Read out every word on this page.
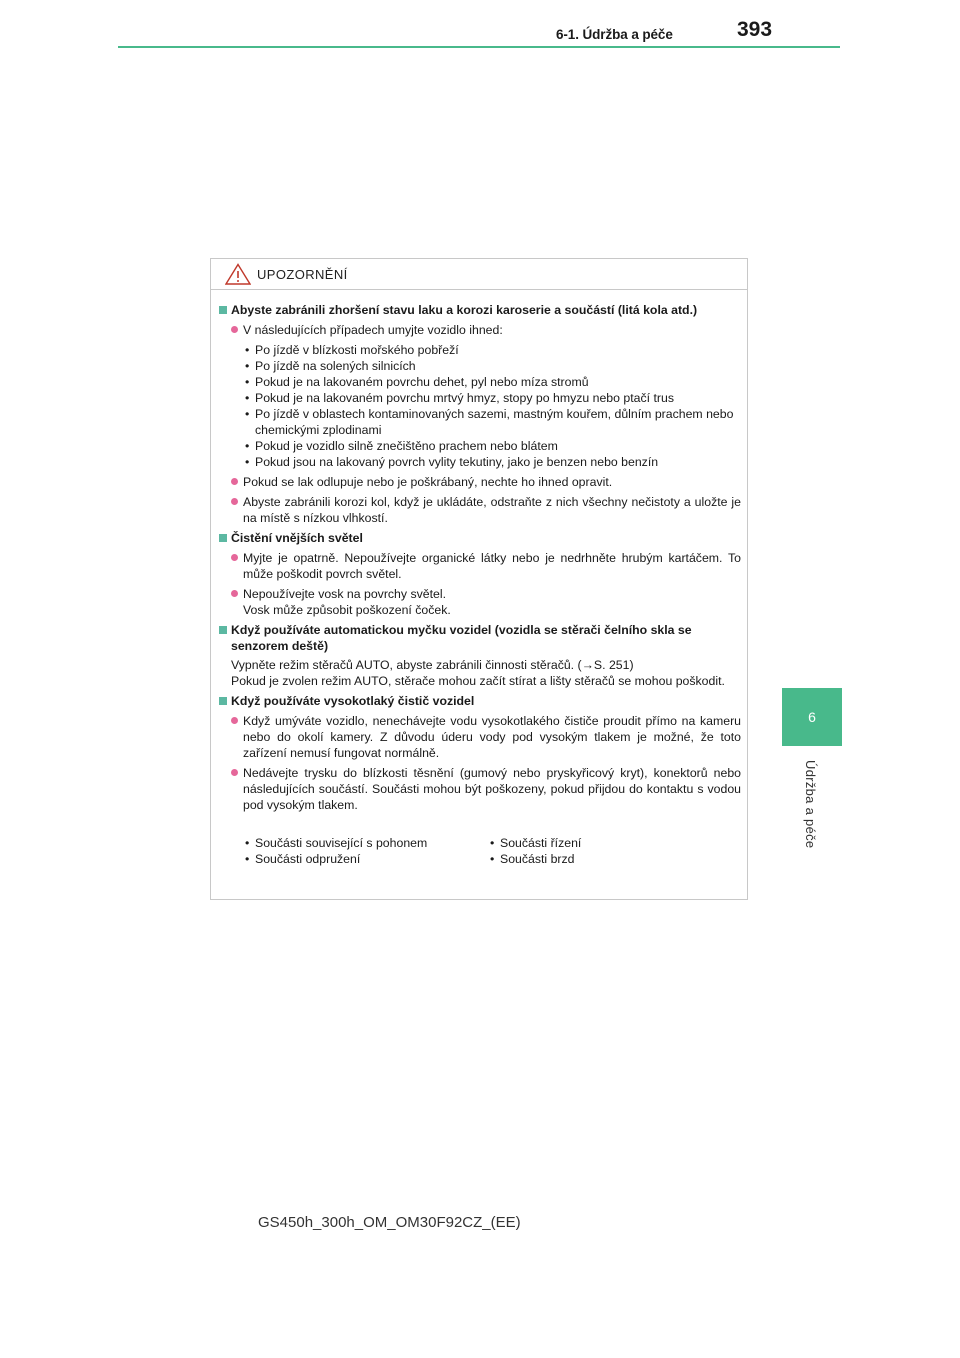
6-1. Údržba a péče	393
6
Údržba a péče
UPOZORNĚNÍ
Abyste zabránili zhoršení stavu laku a korozi karoserie a součástí (litá kola atd.)
V následujících případech umyjte vozidlo ihned:
• Po jízdě v blízkosti mořského pobřeží
• Po jízdě na solených silnicích
• Pokud je na lakovaném povrchu dehet, pyl nebo míza stromů
• Pokud je na lakovaném povrchu mrtvý hmyz, stopy po hmyzu nebo ptačí trus
• Po jízdě v oblastech kontaminovaných sazemi, mastným kouřem, důlním prachem nebo chemickými zplodinami
• Pokud je vozidlo silně znečištěno prachem nebo blátem
• Pokud jsou na lakovaný povrch vylity tekutiny, jako je benzen nebo benzín
Pokud se lak odlupuje nebo je poškrábaný, nechte ho ihned opravit.
Abyste zabránili korozi kol, když je ukládáte, odstraňte z nich všechny nečistoty a uložte je na místě s nízkou vlhkostí.
Čistění vnějších světel
Myjte je opatrně. Nepoužívejte organické látky nebo je nedrhněte hrubým kartáčem. To může poškodit povrch světel.
Nepoužívejte vosk na povrchy světel.
Vosk může způsobit poškození čoček.
Když používáte automatickou myčku vozidel (vozidla se stěrači čelního skla se senzorem deště)
Vypněte režim stěračů AUTO, abyste zabránili činnosti stěračů. (→S. 251)
Pokud je zvolen režim AUTO, stěrače mohou začít stírat a lišty stěračů se mohou poškodit.
Když používáte vysokotlaký čistič vozidel
Když umýváte vozidlo, nenechávejte vodu vysokotlakého čističe proudit přímo na kameru nebo do okolí kamery. Z důvodu úderu vody pod vysokým tlakem je možné, že toto zařízení nemusí fungovat normálně.
Nedávejte trysku do blízkosti těsnění (gumový nebo pryskyřicový kryt), konektorů nebo následujících součástí. Součásti mohou být poškozeny, pokud přijdou do kontaktu s vodou pod vysokým tlakem.
• Součásti související s pohonem
• Součásti odpružení
• Součásti řízení
• Součásti brzd
GS450h_300h_OM_OM30F92CZ_(EE)
